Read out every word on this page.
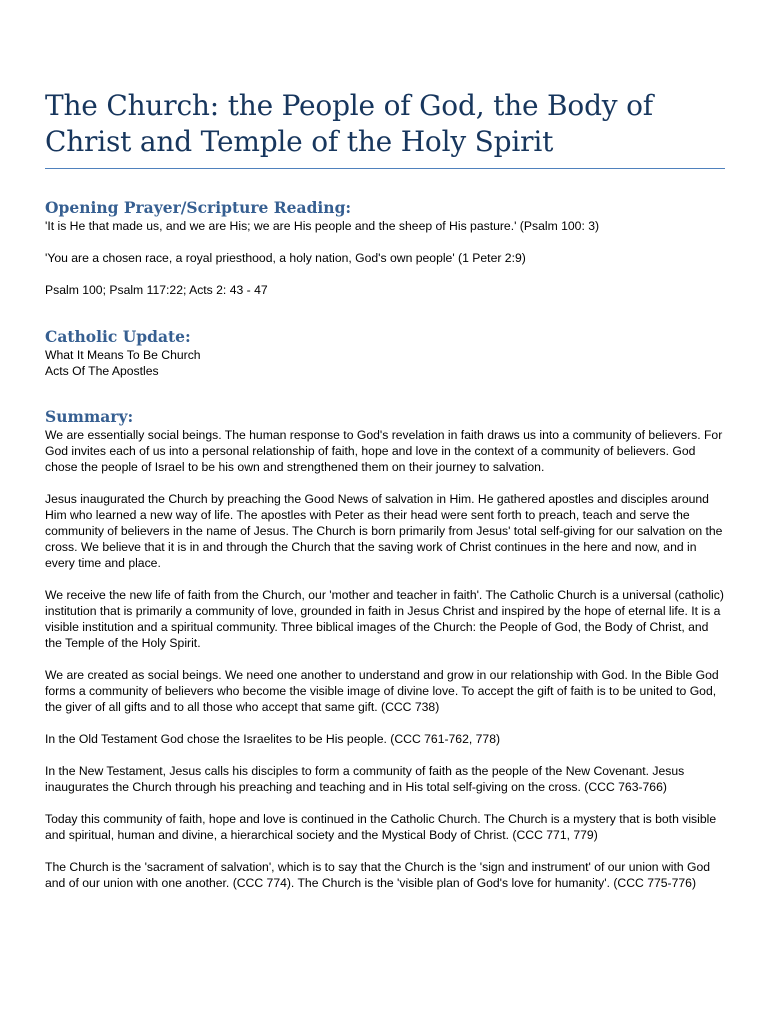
The Church: the People of God, the Body of Christ and Temple of the Holy Spirit
Opening Prayer/Scripture Reading:

'It is He that made us, and we are His; we are His people and the sheep of His pasture.' (Psalm 100: 3)

'You are a chosen race, a royal priesthood, a holy nation, God's own people' (1 Peter 2:9)

Psalm 100; Psalm 117:22; Acts 2: 43 - 47

Catholic Update:

What It Means To Be Church

Acts Of The Apostles

Summary:

We are essentially social beings. The human response to God's revelation in faith draws us into a community of believers. For God invites each of us into a personal relationship of faith, hope and love in the context of a community of believers. God chose the people of Israel to be his own and strengthened them on their journey to salvation.

Jesus inaugurated the Church by preaching the Good News of salvation in Him. He gathered apostles and disciples around Him who learned a new way of life. The apostles with Peter as their head were sent forth to preach, teach and serve the community of believers in the name of Jesus. The Church is born primarily from Jesus' total self-giving for our salvation on the cross. We believe that it is in and through the Church that the saving work of Christ continues in the here and now, and in every time and place.

We receive the new life of faith from the Church, our 'mother and teacher in faith'. The Catholic Church is a universal (catholic) institution that is primarily a community of love, grounded in faith in Jesus Christ and inspired by the hope of eternal life. It is a visible institution and a spiritual community. Three biblical images of the Church: the People of God, the Body of Christ, and the Temple of the Holy Spirit.

We are created as social beings. We need one another to understand and grow in our relationship with God. In the Bible God forms a community of believers who become the visible image of divine love. To accept the gift of faith is to be united to God, the giver of all gifts and to all those who accept that same gift. (CCC 738)

In the Old Testament God chose the Israelites to be His people. (CCC 761-762, 778)

In the New Testament, Jesus calls his disciples to form a community of faith as the people of the New Covenant. Jesus inaugurates the Church through his preaching and teaching and in His total self-giving on the cross. (CCC 763-766)

Today this community of faith, hope and love is continued in the Catholic Church. The Church is a mystery that is both visible and spiritual, human and divine, a hierarchical society and the Mystical Body of Christ. (CCC 771, 779)

The Church is the 'sacrament of salvation', which is to say that the Church is the 'sign and instrument' of our union with God and of our union with one another. (CCC 774). The Church is the 'visible plan of God's love for humanity'. (CCC 775-776)
